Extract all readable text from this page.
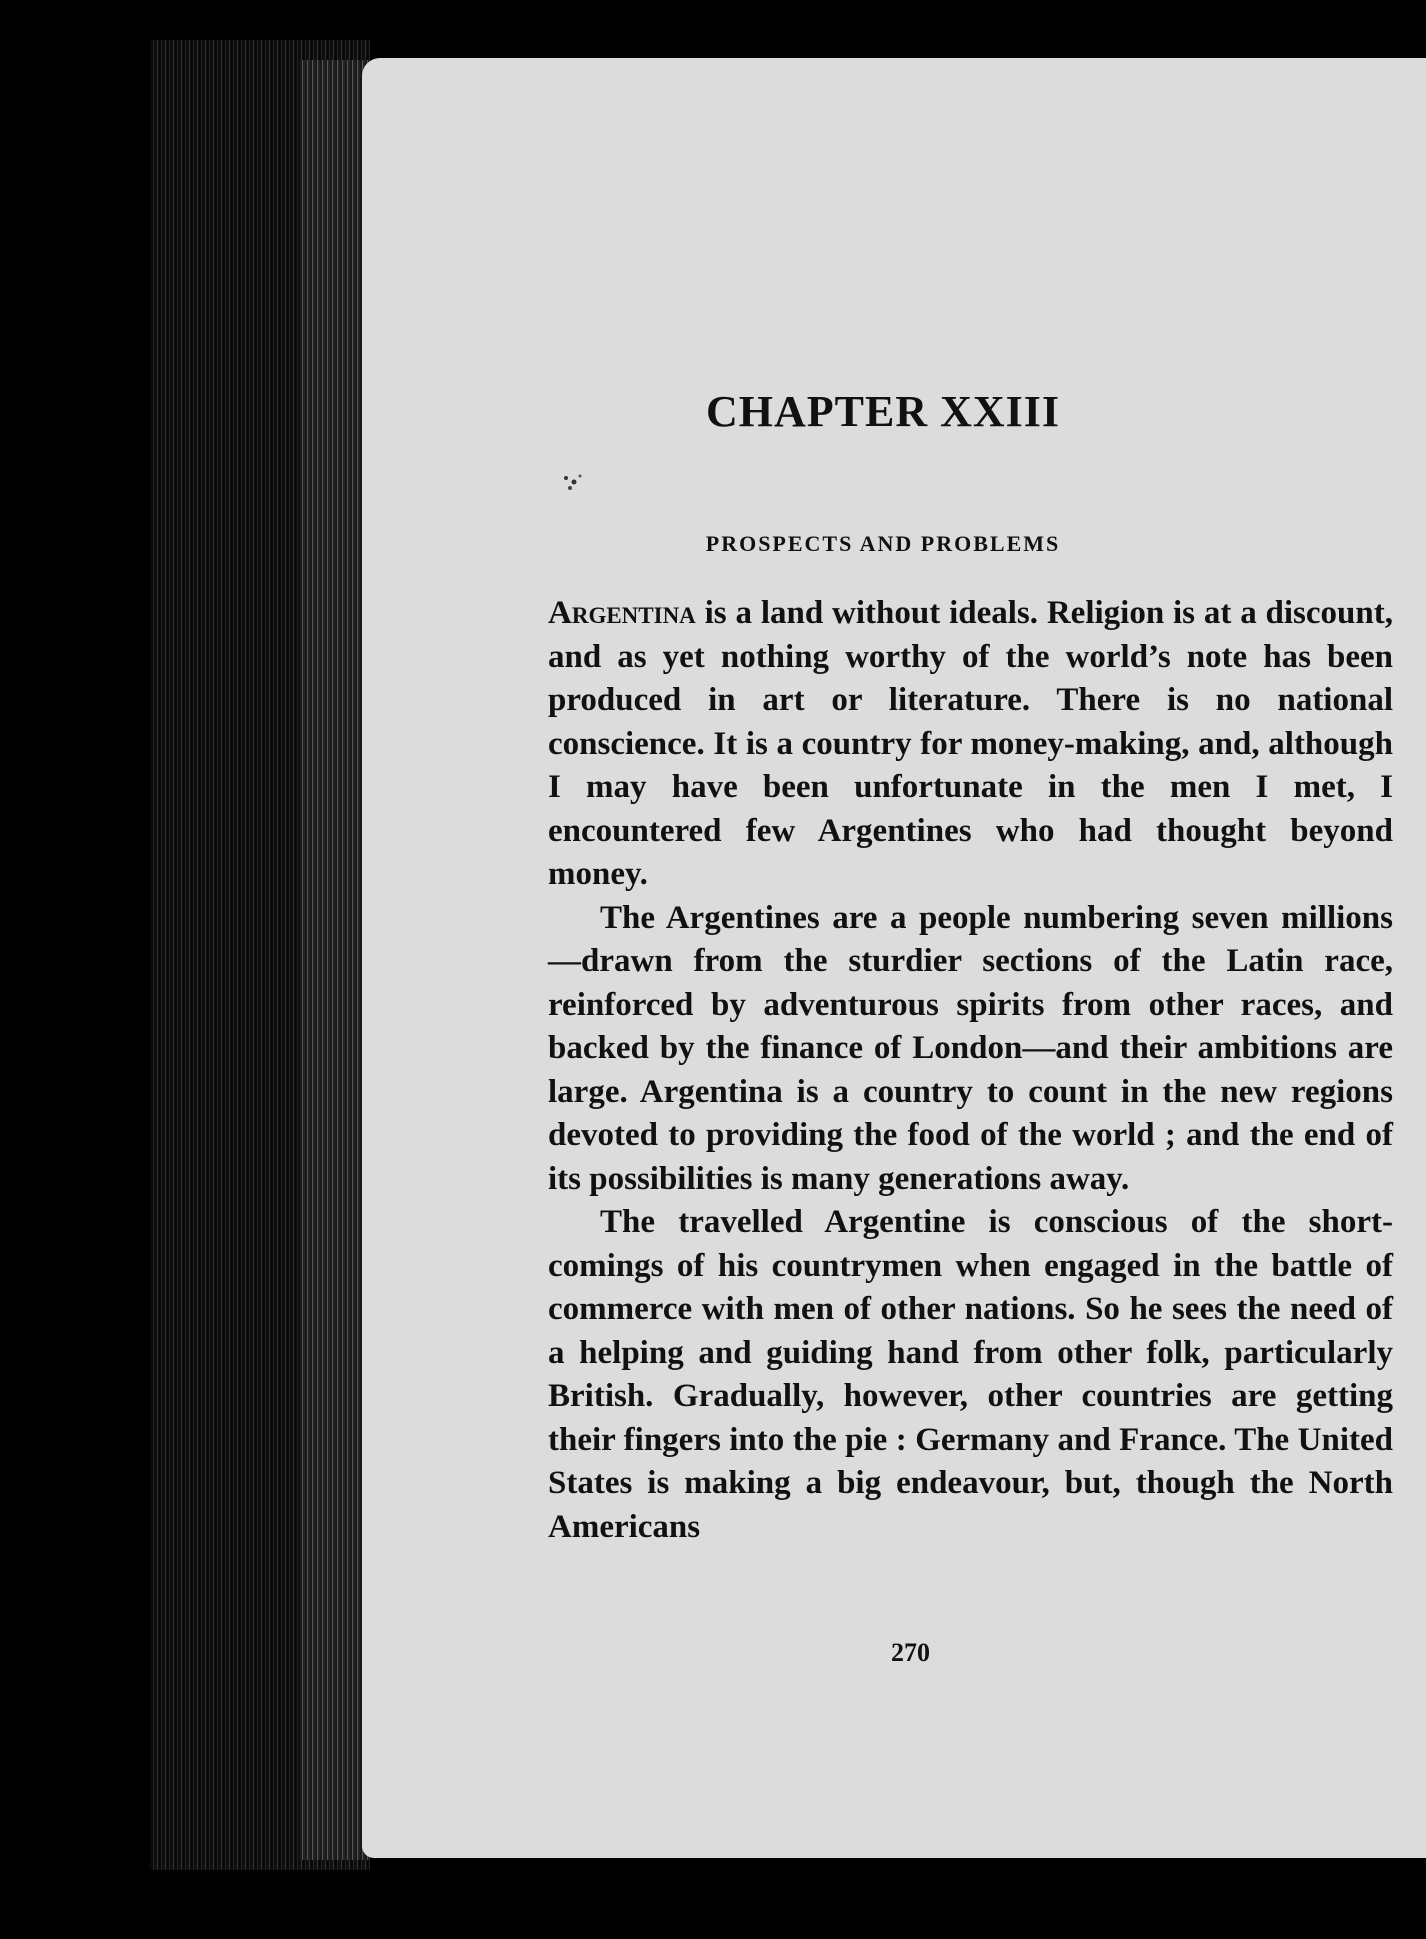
CHAPTER XXIII
PROSPECTS AND PROBLEMS

Argentina is a land without ideals. Religion is at a discount, and as yet nothing worthy of the world’s note has been produced in art or literature. There is no national conscience. It is a country for money-making, and, although I may have been unfortunate in the men I met, I encountered few Argentines who had thought beyond money.

The Argentines are a people numbering seven millions—drawn from the sturdier sections of the Latin race, reinforced by adventurous spirits from other races, and backed by the finance of London—and their ambitions are large. Argentina is a country to count in the new regions devoted to providing the food of the world ; and the end of its possibilities is many generations away.

The travelled Argentine is conscious of the short-comings of his countrymen when engaged in the battle of commerce with men of other nations. So he sees the need of a helping and guiding hand from other folk, particularly British. Gradually, however, other countries are getting their fingers into the pie : Germany and France. The United States is making a big endeavour, but, though the North Americans

270
